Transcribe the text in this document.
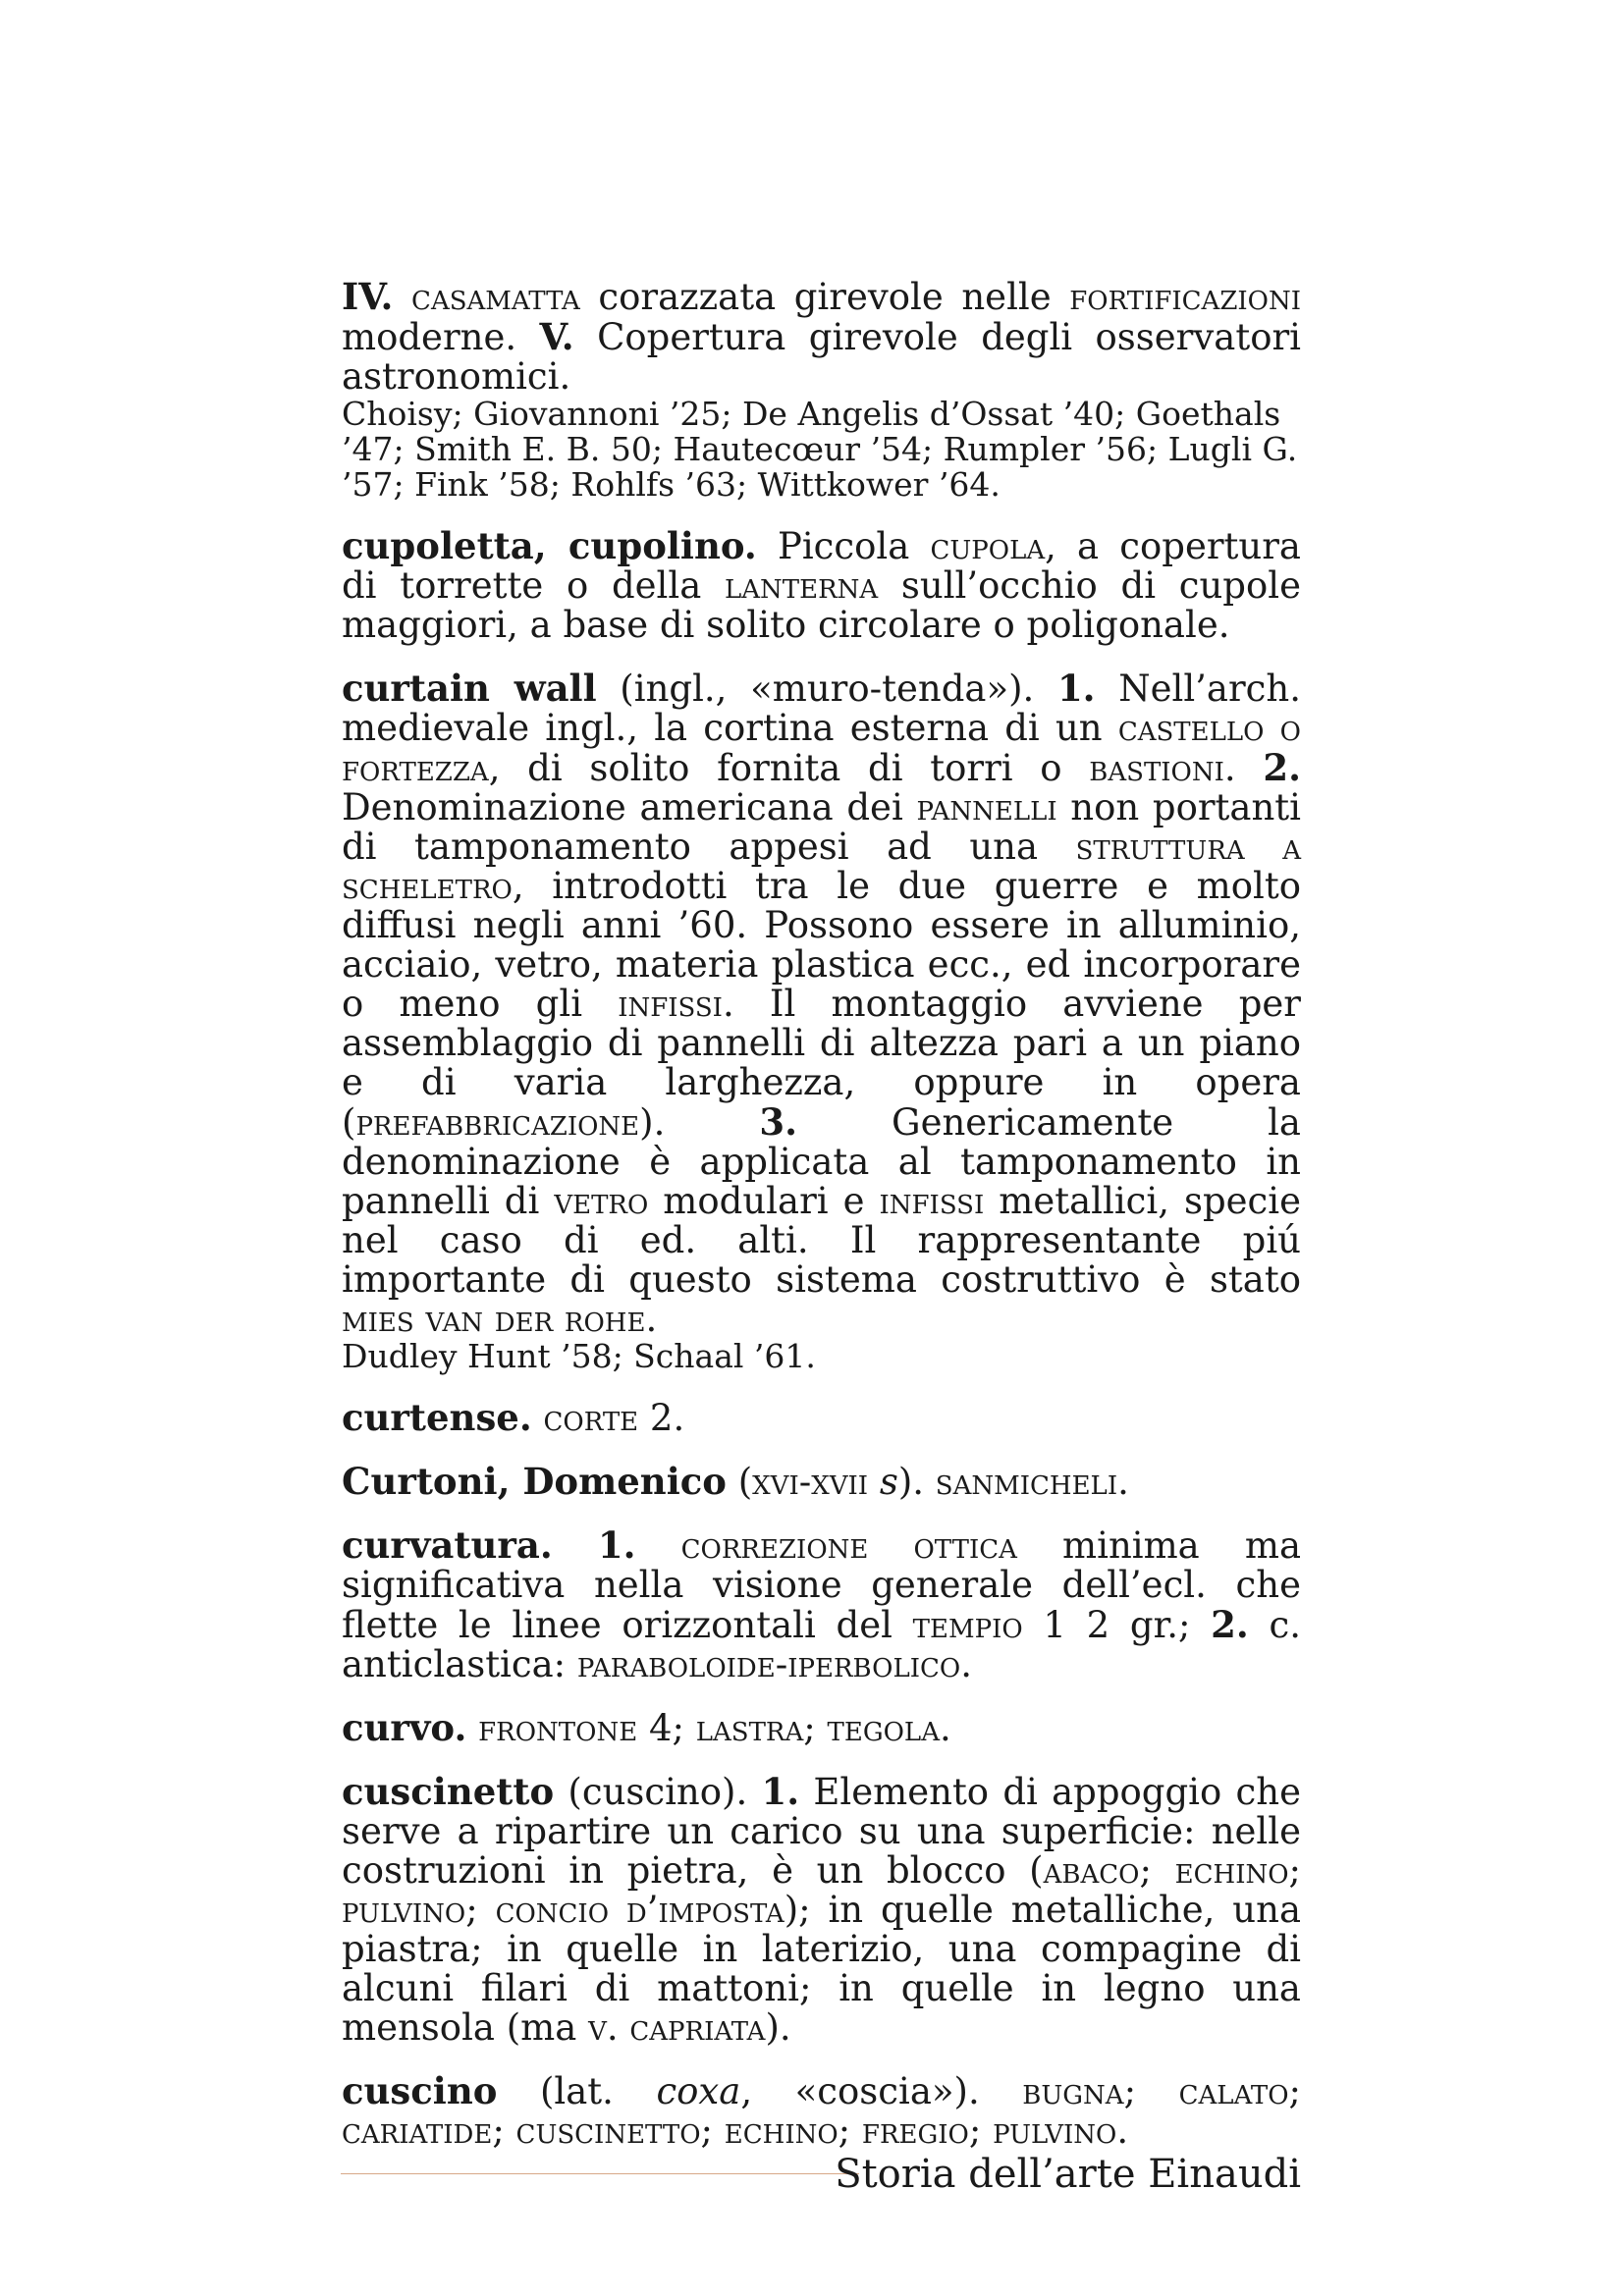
IV. casamatta corazzata girevole nelle fortificazioni moderne. V. Copertura girevole degli osservatori astronomici.

Choisy; Giovannoni ’25; De Angelis d’Ossat ’40; Goethals ’47; Smith E. B. 50; Hautecœur ’54; Rumpler ’56; Lugli G. ’57; Fink ’58; Rohlfs ’63; Wittkower ’64.

cupoletta, cupolino. Piccola cupola, a copertura di torrette o della lanterna sull’occhio di cupole maggiori, a base di solito circolare o poligonale.

curtain wall (ingl., «muro-tenda»). 1. Nell’arch. medievale ingl., la cortina esterna di un castello o fortezza, di solito fornita di torri o bastioni. 2. Denominazione americana dei pannelli non portanti di tamponamento appesi ad una struttura a scheletro, introdotti tra le due guerre e molto diffusi negli anni ’60. Possono essere in alluminio, acciaio, vetro, materia plastica ecc., ed incorporare o meno gli infissi. Il montaggio avviene per assemblaggio di pannelli di altezza pari a un piano e di varia larghezza, oppure in opera (prefabbricazione). 3. Genericamente la denominazione è applicata al tamponamento in pannelli di vetro modulari e infissi metallici, specie nel caso di ed. alti. Il rappresentante piú importante di questo sistema costruttivo è stato mies van der rohe.

Dudley Hunt ’58; Schaal ’61.

curtense. corte 2.

Curtoni, Domenico (xvi-xvii s). sanmicheli.

curvatura. 1. correzione ottica minima ma significativa nella visione generale dell’ecl. che flette le linee orizzontali del tempio 1 2 gr.; 2. c. anticlastica: paraboloide-iperbolico.

curvo. frontone 4; lastra; tegola.

cuscinetto (cuscino). 1. Elemento di appoggio che serve a ripartire un carico su una superficie: nelle costruzioni in pietra, è un blocco (abaco; echino; pulvino; concio d’imposta); in quelle metalliche, una piastra; in quelle in laterizio, una compagine di alcuni filari di mattoni; in quelle in legno una mensola (ma v. capriata).

cuscino (lat. coxa, «coscia»). bugna; calato; cariatide; cuscinetto; echino; fregio; pulvino.

Storia dell’arte Einaudi
